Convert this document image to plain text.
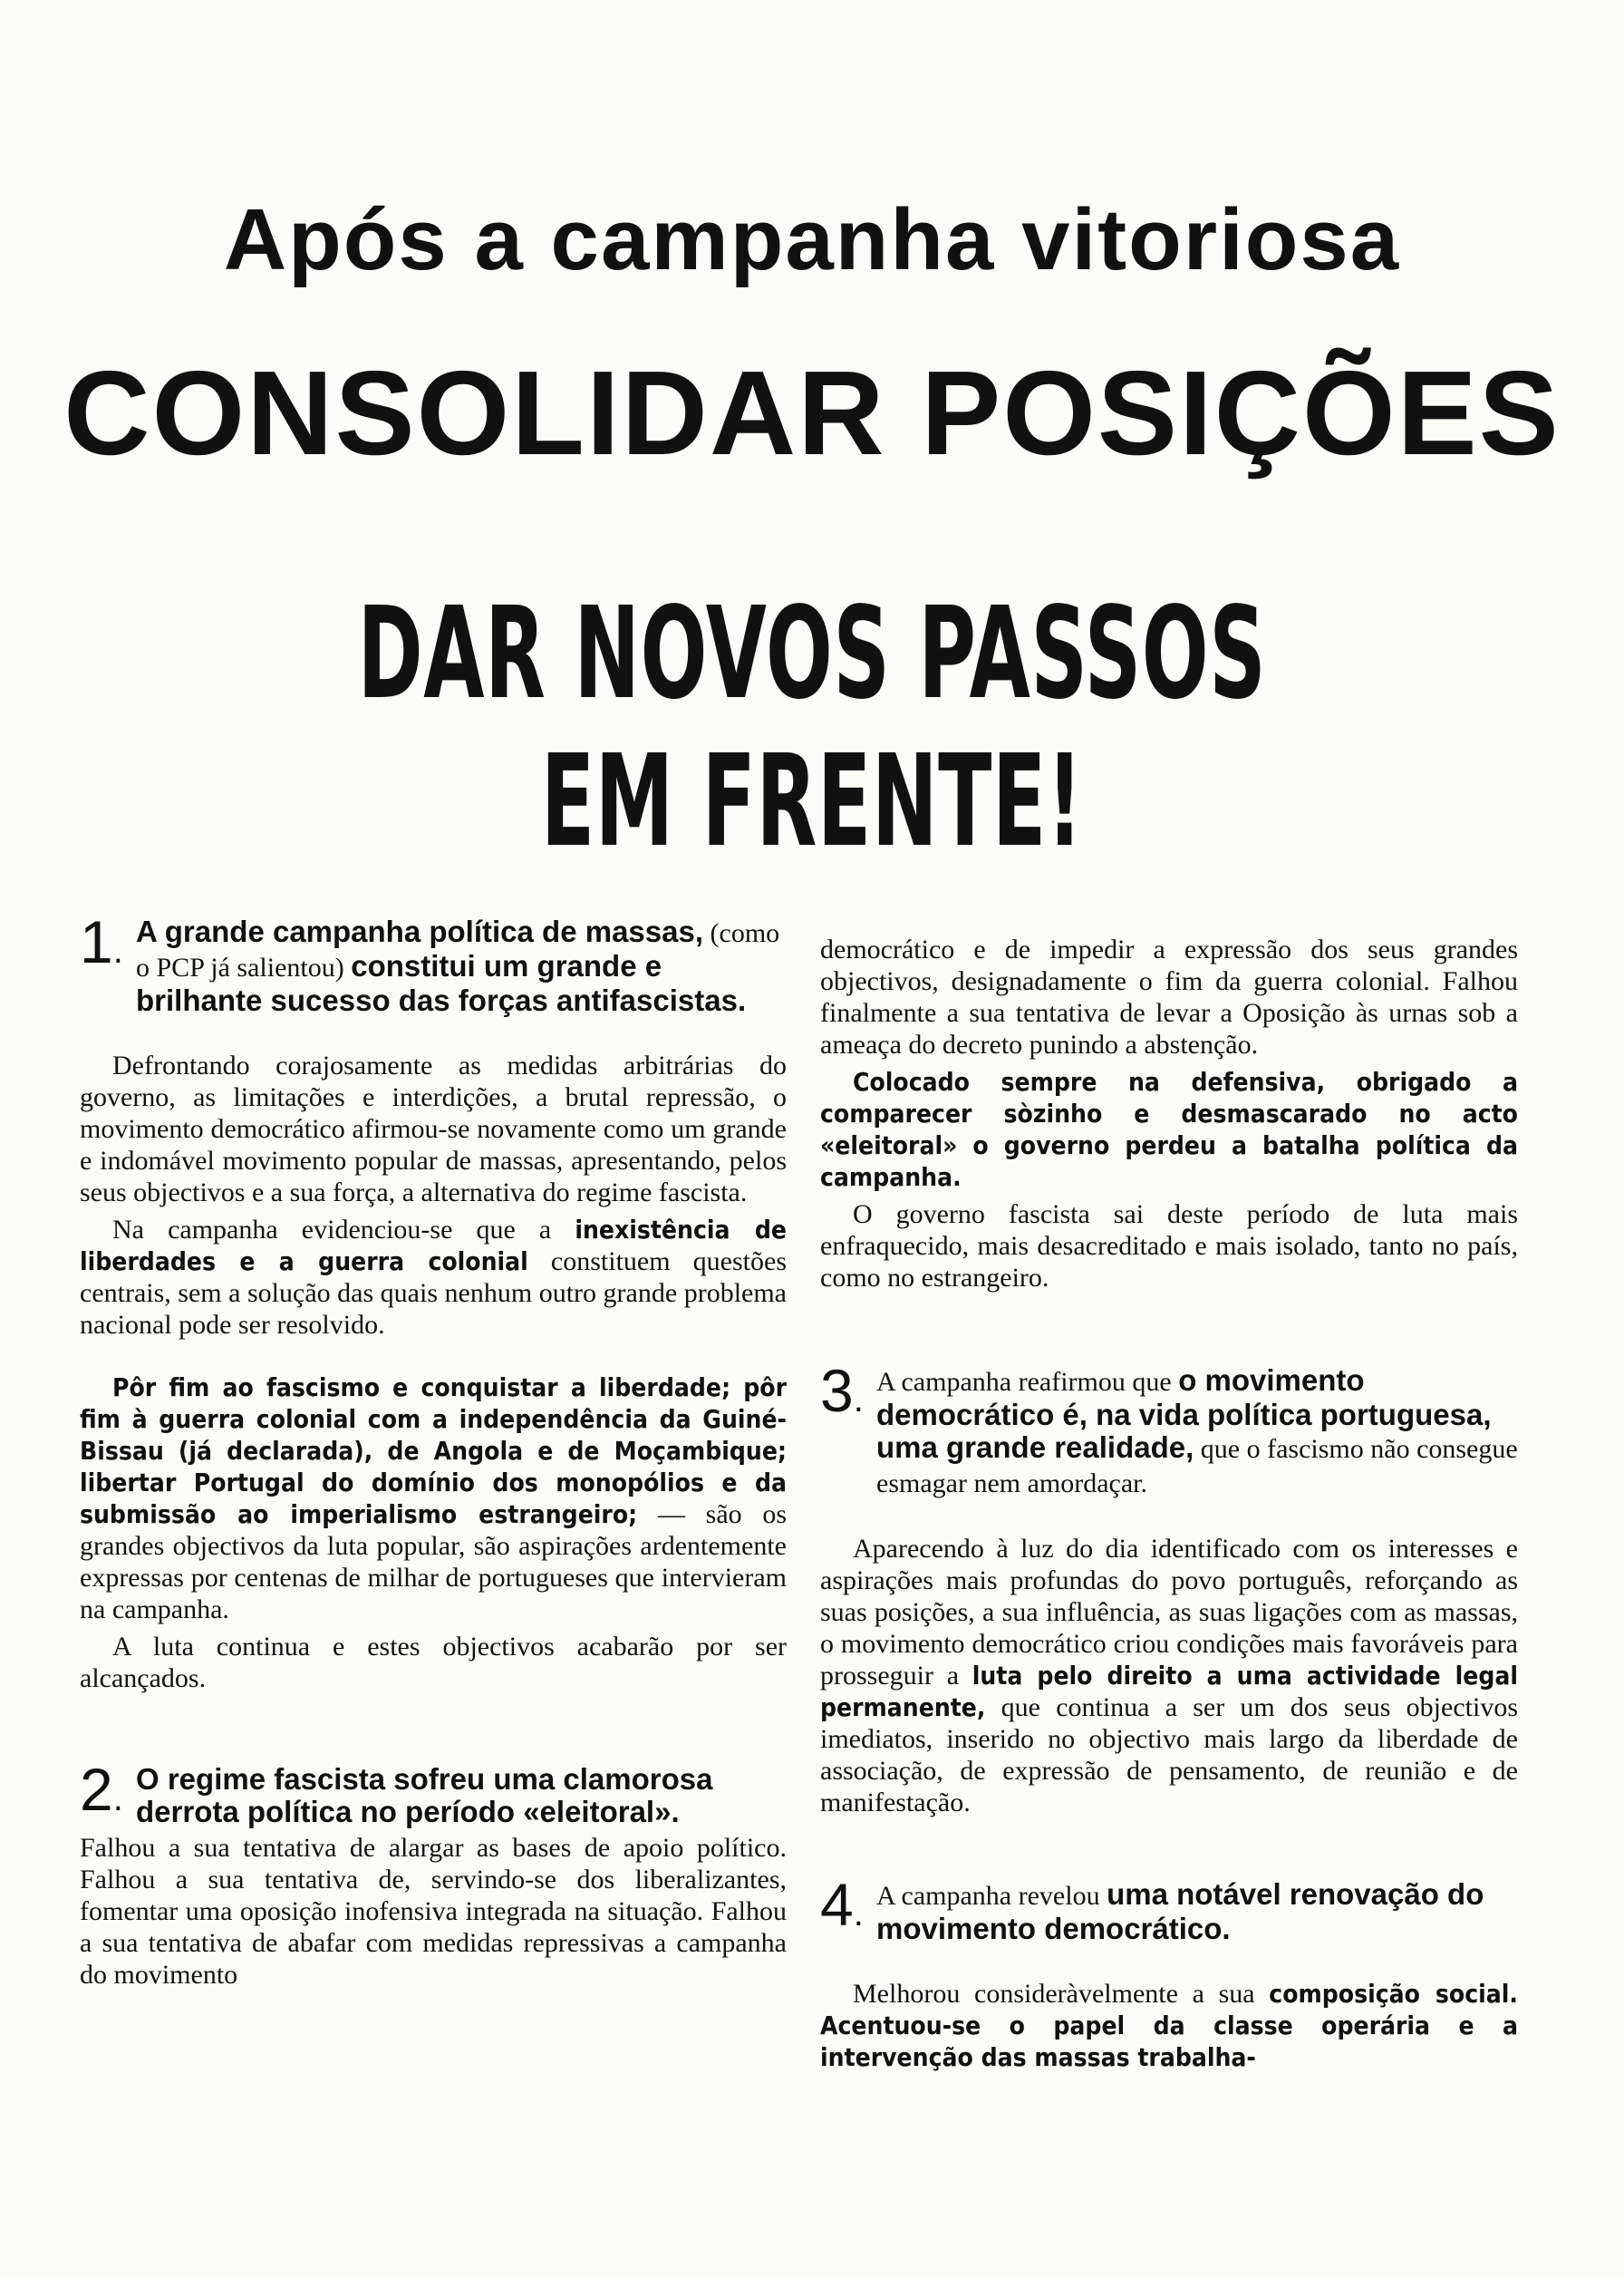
Após a campanha vitoriosa
CONSOLIDAR POSIÇÕES
DAR NOVOS PASSOS EM FRENTE!
1 . A grande campanha política de massas, (como o PCP já salientou) constitui um grande e brilhante sucesso das forças antifascistas.

Defrontando corajosamente as medidas arbitrárias do governo, as limitações e interdições, a brutal repressão, o movimento democrático afirmou-se novamente como um grande e indomável movimento popular de massas, apresentando, pelos seus objectivos e a sua força, a alternativa do regime fascista.

Na campanha evidenciou-se que a inexistência de liberdades e a guerra colonial constituem questões centrais, sem a solução das quais nenhum outro grande problema nacional pode ser resolvido.

Pôr fim ao fascismo e conquistar a liberdade; pôr fim à guerra colonial com a independência da Guiné-Bissau (já declarada), de Angola e de Moçambique; libertar Portugal do domínio dos monopólios e da submissão ao imperialismo estrangeiro; — são os grandes objectivos da luta popular, são aspirações ardentemente expressas por centenas de milhar de portugueses que intervieram na campanha.

A luta continua e estes objectivos acabarão por ser alcançados.

2 . O regime fascista sofreu uma clamorosa derrota política no período «eleitoral».

Falhou a sua tentativa de alargar as bases de apoio político. Falhou a sua tentativa de, servindo-se dos liberalizantes, fomentar uma oposição inofensiva integrada na situação. Falhou a sua tentativa de abafar com medidas repressivas a campanha do movimento

democrático e de impedir a expressão dos seus grandes objectivos, designadamente o fim da guerra colonial. Falhou finalmente a sua tentativa de levar a Oposição às urnas sob a ameaça do decreto punindo a abstenção.

Colocado sempre na defensiva, obrigado a comparecer sòzinho e desmascarado no acto «eleitoral» o governo perdeu a batalha política da campanha.

O governo fascista sai deste período de luta mais enfraquecido, mais desacreditado e mais isolado, tanto no país, como no estrangeiro.

3 . A campanha reafirmou que o movimento democrático é, na vida política portuguesa, uma grande realidade, que o fascismo não consegue esmagar nem amordaçar.

Aparecendo à luz do dia identificado com os interesses e aspirações mais profundas do povo português, reforçando as suas posições, a sua influência, as suas ligações com as massas, o movimento democrático criou condições mais favoráveis para prosseguir a luta pelo direito a uma actividade legal permanente, que continua a ser um dos seus objectivos imediatos, inserido no objectivo mais largo da liberdade de associação, de expressão de pensamento, de reunião e de manifestação.

4 . A campanha revelou uma notável renovação do movimento democrático.

Melhorou consideràvelmente a sua composição social. Acentuou-se o papel da classe operária e a intervenção das massas trabalha-
